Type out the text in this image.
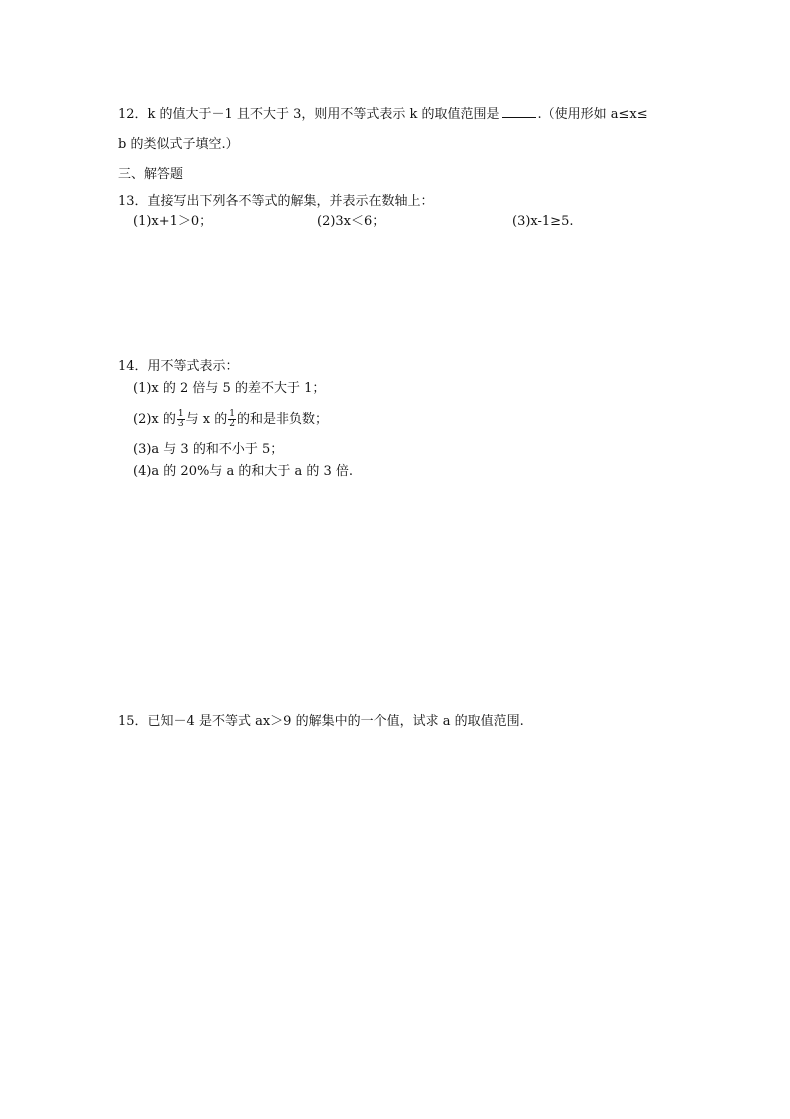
12．k 的值大于－1 且不大于 3，则用不等式表示 k 的取值范围是	.（使用形如 a≤x≤
b 的类似式子填空.）
三、解答题
13．直接写出下列各不等式的解集，并表示在数轴上：
(1)x+1＞0；	(2)3x＜6；	(3)x-1≥5.
14．用不等式表示：
(1)x 的 2 倍与 5 的差不大于 1；
(2)x 的 $\frac{1}{3}$ 与 x 的 $\frac{1}{2}$ 的和是非负数；
(3)a 与 3 的和不小于 5；
(4)a 的 20%与 a 的和大于 a 的 3 倍.
15．已知－4 是不等式 ax＞9 的解集中的一个值，试求 a 的取值范围.
